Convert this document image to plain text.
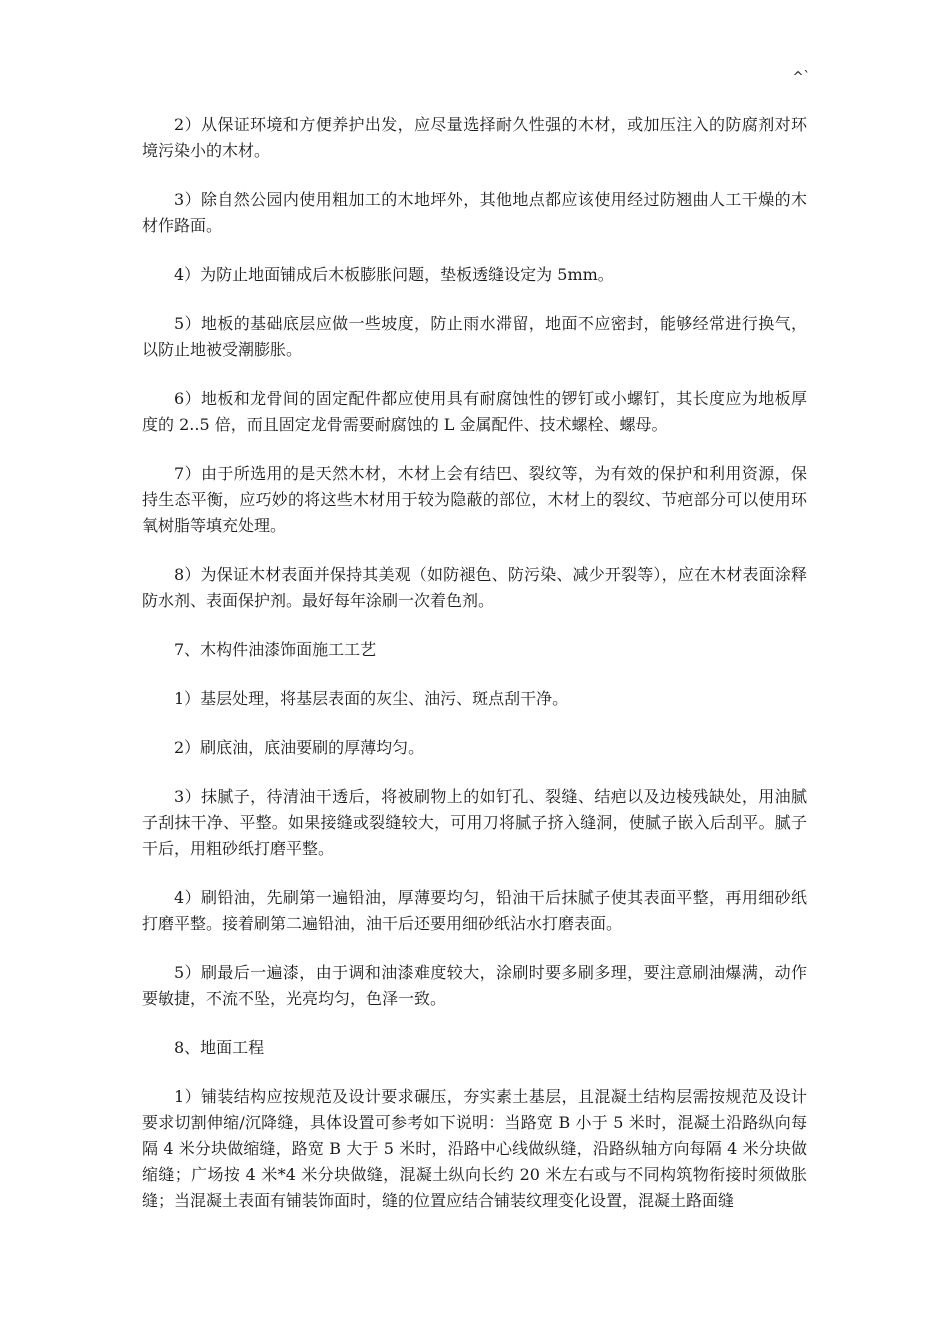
^`

2）从保证环境和方便养护出发，应尽量选择耐久性强的木材，或加压注入的防腐剂对环境污染小的木材。

3）除自然公园内使用粗加工的木地坪外，其他地点都应该使用经过防翘曲人工干燥的木材作路面。

4）为防止地面铺成后木板膨胀问题，垫板透缝设定为 5mm。

5）地板的基础底层应做一些坡度，防止雨水滞留，地面不应密封，能够经常进行换气，以防止地被受潮膨胀。

6）地板和龙骨间的固定配件都应使用具有耐腐蚀性的锣钉或小螺钉，其长度应为地板厚度的 2..5 倍，而且固定龙骨需要耐腐蚀的 L 金属配件、技术螺栓、螺母。

7）由于所选用的是天然木材，木材上会有结巴、裂纹等，为有效的保护和利用资源，保持生态平衡，应巧妙的将这些木材用于较为隐蔽的部位，木材上的裂纹、节疤部分可以使用环氧树脂等填充处理。

8）为保证木材表面并保持其美观（如防褪色、防污染、减少开裂等），应在木材表面涂释防水剂、表面保护剂。最好每年涂刷一次着色剂。

7、木构件油漆饰面施工工艺

1）基层处理，将基层表面的灰尘、油污、斑点刮干净。

2）刷底油，底油要刷的厚薄均匀。

3）抹腻子，待清油干透后，将被刷物上的如钉孔、裂缝、结疤以及边棱残缺处，用油腻子刮抹干净、平整。如果接缝或裂缝较大，可用刀将腻子挤入缝洞，使腻子嵌入后刮平。腻子干后，用粗砂纸打磨平整。

4）刷铅油，先刷第一遍铅油，厚薄要均匀，铅油干后抹腻子使其表面平整，再用细砂纸打磨平整。接着刷第二遍铅油，油干后还要用细砂纸沾水打磨表面。

5）刷最后一遍漆，由于调和油漆难度较大，涂刷时要多刷多理，要注意刷油爆满，动作要敏捷，不流不坠，光亮均匀，色泽一致。

8、地面工程

1）铺装结构应按规范及设计要求碾压，夯实素土基层，且混凝土结构层需按规范及设计要求切割伸缩/沉降缝，具体设置可参考如下说明：当路宽 B 小于 5 米时，混凝土沿路纵向每隔 4 米分块做缩缝，路宽 B 大于 5 米时，沿路中心线做纵缝，沿路纵轴方向每隔 4 米分块做缩缝；广场按 4 米*4 米分块做缝，混凝土纵向长约 20 米左右或与不同构筑物衔接时须做胀缝；当混凝土表面有铺装饰面时，缝的位置应结合铺装纹理变化设置，混凝土路面缝
